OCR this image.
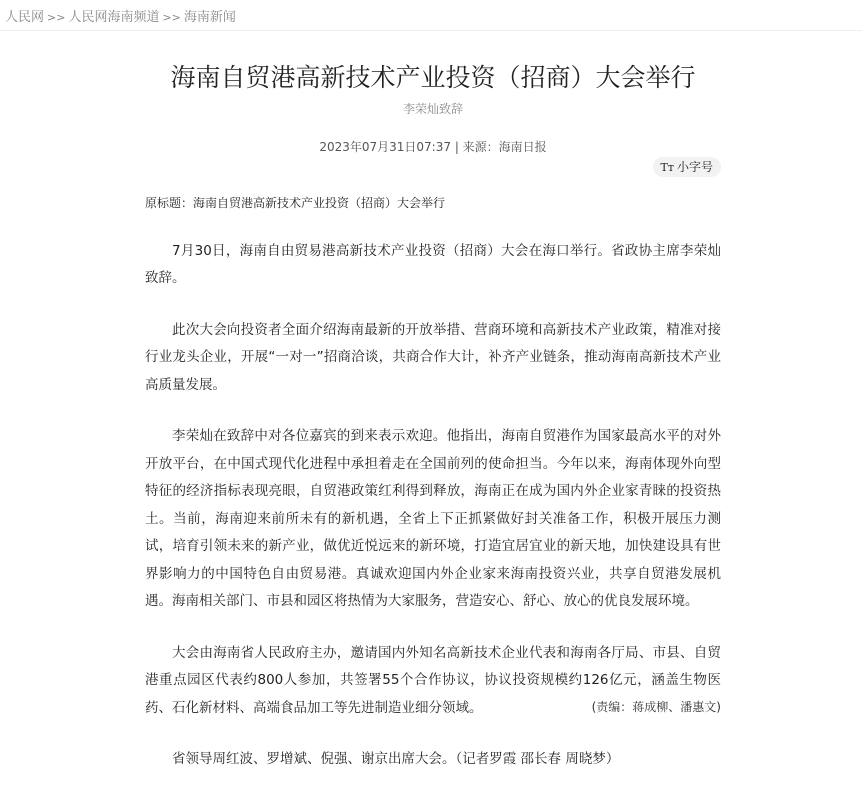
人民网 >> 人民网海南频道 >> 海南新闻
海南自贸港高新技术产业投资（招商）大会举行
李荣灿致辞
2023年07月31日07:37 | 来源：海南日报
Tт 小字号

原标题：海南自贸港高新技术产业投资（招商）大会举行

7月30日，海南自由贸易港高新技术产业投资（招商）大会在海口举行。省政协主席李荣灿致辞。

此次大会向投资者全面介绍海南最新的开放举措、营商环境和高新技术产业政策，精准对接行业龙头企业，开展“一对一”招商洽谈，共商合作大计，补齐产业链条，推动海南高新技术产业高质量发展。

李荣灿在致辞中对各位嘉宾的到来表示欢迎。他指出，海南自贸港作为国家最高水平的对外开放平台，在中国式现代化进程中承担着走在全国前列的使命担当。今年以来，海南体现外向型特征的经济指标表现亮眼，自贸港政策红利得到释放，海南正在成为国内外企业家青睐的投资热土。当前，海南迎来前所未有的新机遇，全省上下正抓紧做好封关准备工作，积极开展压力测试，培育引领未来的新产业，做优近悦远来的新环境，打造宜居宜业的新天地，加快建设具有世界影响力的中国特色自由贸易港。真诚欢迎国内外企业家来海南投资兴业，共享自贸港发展机遇。海南相关部门、市县和园区将热情为大家服务，营造安心、舒心、放心的优良发展环境。

大会由海南省人民政府主办，邀请国内外知名高新技术企业代表和海南各厅局、市县、自贸港重点园区代表约800人参加，共签署55个合作协议，协议投资规模约126亿元，涵盖生物医药、石化新材料、高端食品加工等先进制造业细分领域。

省领导周红波、罗增斌、倪强、谢京出席大会。（记者罗霞 邵长春 周晓梦）

(责编：蒋成柳、潘惠文)
